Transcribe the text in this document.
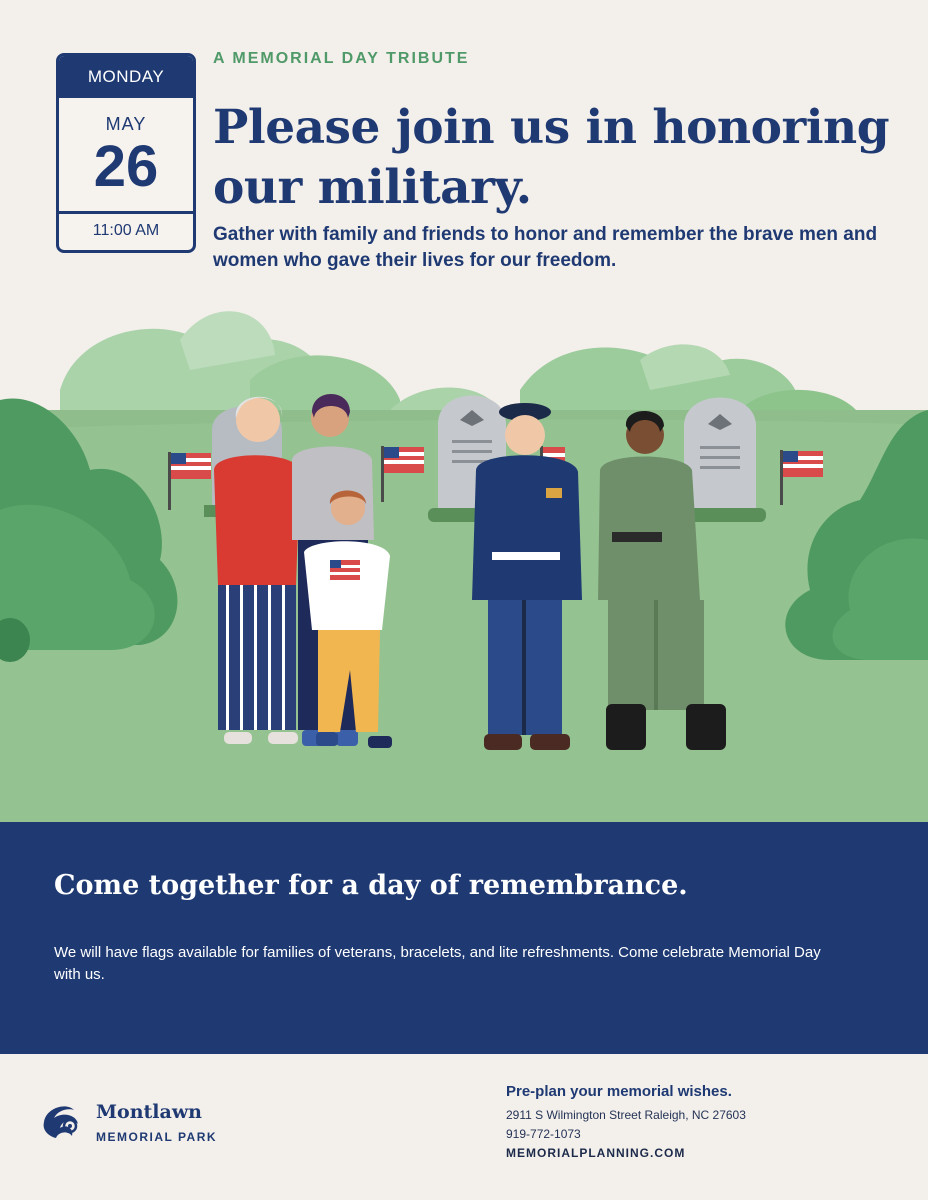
MONDAY
MAY
26
11:00 AM
A MEMORIAL DAY TRIBUTE
Please join us in honoring our military.
Gather with family and friends to honor and remember the brave men and women who gave their lives for our freedom.
Come together for a day of remembrance.
We will have flags available for families of veterans, bracelets, and lite refreshments. Come celebrate Memorial Day with us.
Montlawn
MEMORIAL PARK
Pre-plan your memorial wishes.
2911 S Wilmington Street Raleigh, NC 27603
919-772-1073
MEMORIALPLANNING.COM
